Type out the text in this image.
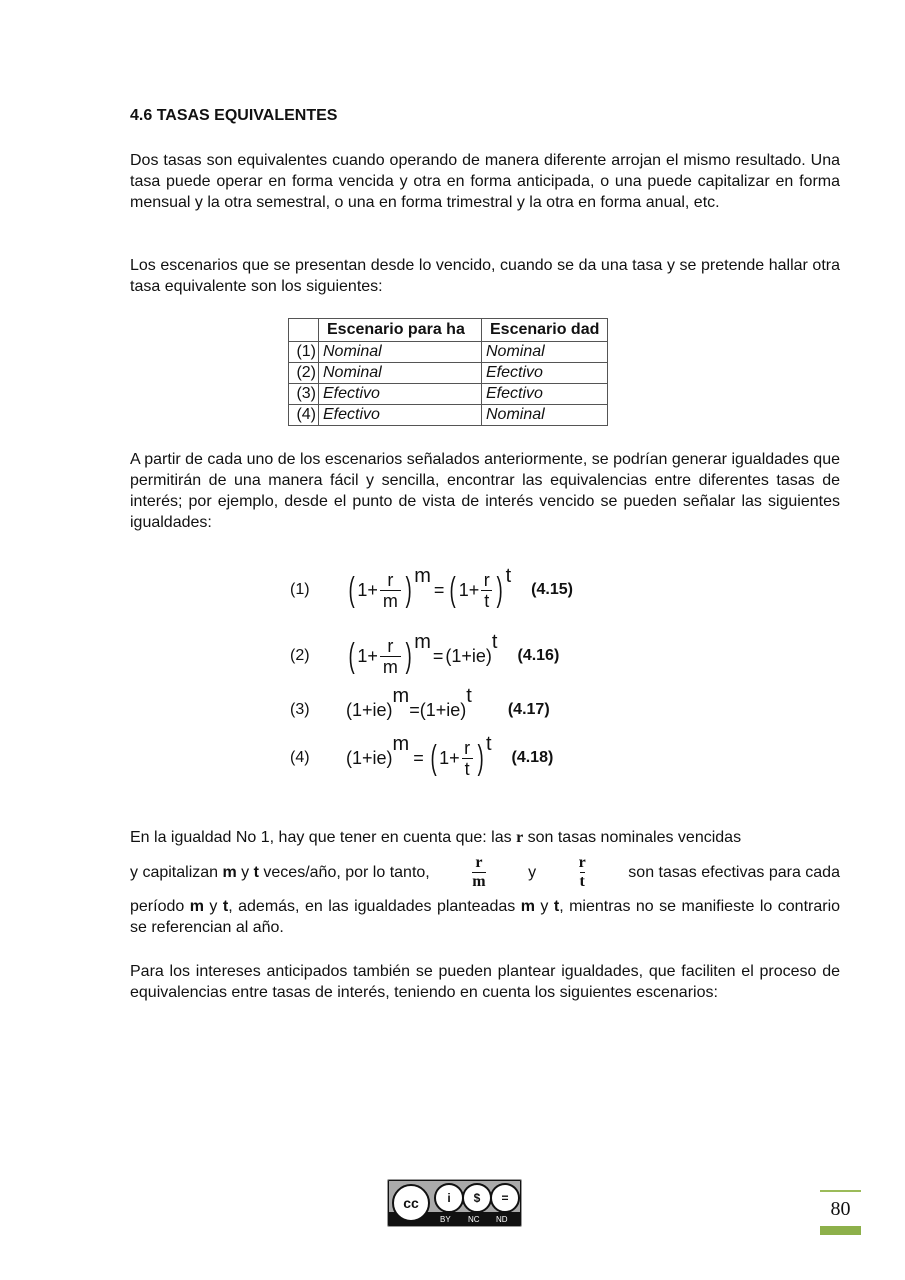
4.6 TASAS EQUIVALENTES
Dos tasas son equivalentes cuando operando de manera diferente arrojan el mismo resultado. Una tasa puede operar en forma vencida y otra en forma anticipada, o una puede capitalizar en forma mensual y la otra semestral, o una en forma trimestral y la otra en forma anual, etc.
Los escenarios que se presentan desde lo vencido, cuando se da una tasa y se pretende hallar otra tasa equivalente son los siguientes:
	Escenario para ha	Escenario dad
(1)	Nominal	Nominal
(2)	Nominal	Efectivo
(3)	Efectivo	Efectivo
(4)	Efectivo	Nominal
A partir de cada uno de los escenarios señalados anteriormente, se podrían generar igualdades que permitirán de una manera fácil y sencilla, encontrar las equivalencias entre diferentes tasas de interés; por ejemplo, desde el punto de vista de interés vencido se pueden señalar las siguientes igualdades:
(1)	( $1+ \frac{r}{m} )^m$
= ( $1+ \frac{r}{t} )^t$
(4.15)
(2)	( $1+ \frac{r}{m} )^m$
= ( 1+ie )
$^t$
(4.16)
(3)	( 1+ie )
$^m$
= ( 1+ie )
$^t$
(4.17)
(4)	( 1+ie )
$^m$
= ( $1+ \frac{r}{t} )^t$
(4.18)
En la igualdad No 1, hay que tener en cuenta que: las r son tasas nominales vencidas
y capitalizan m y t veces/año, por lo tanto,
r
m
y
r
t
son tasas efectivas para cada
período m y t, además, en las igualdades planteadas m y t, mientras no se manifieste lo contrario se referencian al año.
Para los intereses anticipados también se pueden plantear igualdades, que faciliten el proceso de equivalencias entre tasas de interés, teniendo en cuenta los siguientes escenarios:
cc	i	$	=
BY NC ND	80
